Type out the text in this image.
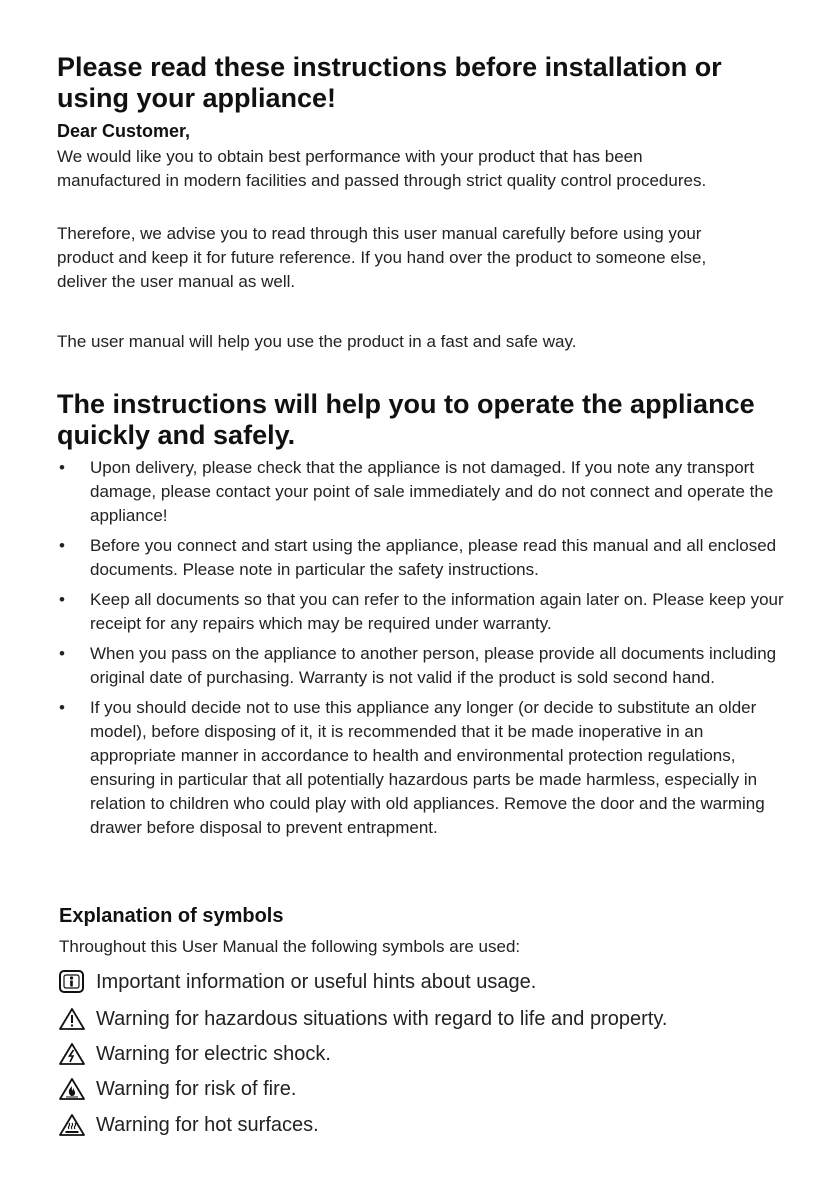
Please read these instructions before installation or
using your appliance!
Dear Customer,

We would like you to obtain best performance with your product that has been manufactured in modern facilities and passed through strict quality control procedures.

Therefore, we advise you to read through this user manual carefully before using your product and keep it for future reference. If you hand over the product to someone else, deliver the user manual as well.

The user manual will help you use the product in a fast and safe way.

The instructions will help you to operate the appliance
quickly and safely.
• Upon delivery, please check that the appliance is not damaged. If you note any transport damage, please contact your point of sale immediately and do not connect and operate the appliance!
• Before you connect and start using the appliance, please read this manual and all enclosed documents. Please note in particular the safety instructions.
• Keep all documents so that you can refer to the information again later on. Please keep your receipt for any repairs which may be required under warranty.
• When you pass on the appliance to another person, please provide all documents including original date of purchasing. Warranty is not valid if the product is sold second hand.
• If you should decide not to use this appliance any longer (or decide to substitute an older model), before disposing of it, it is recommended that it be made inoperative in an appropriate manner in accordance to health and environmental protection regulations, ensuring in particular that all potentially hazardous parts be made harmless, especially in relation to children who could play with old appliances. Remove the door and the warming drawer before disposal to prevent entrapment.
Explanation of symbols

Throughout this User Manual the following symbols are used:

Important information or useful hints about usage.
Warning for hazardous situations with regard to life and property.
Warning for electric shock.
Warning for risk of fire.
Warning for hot surfaces.
